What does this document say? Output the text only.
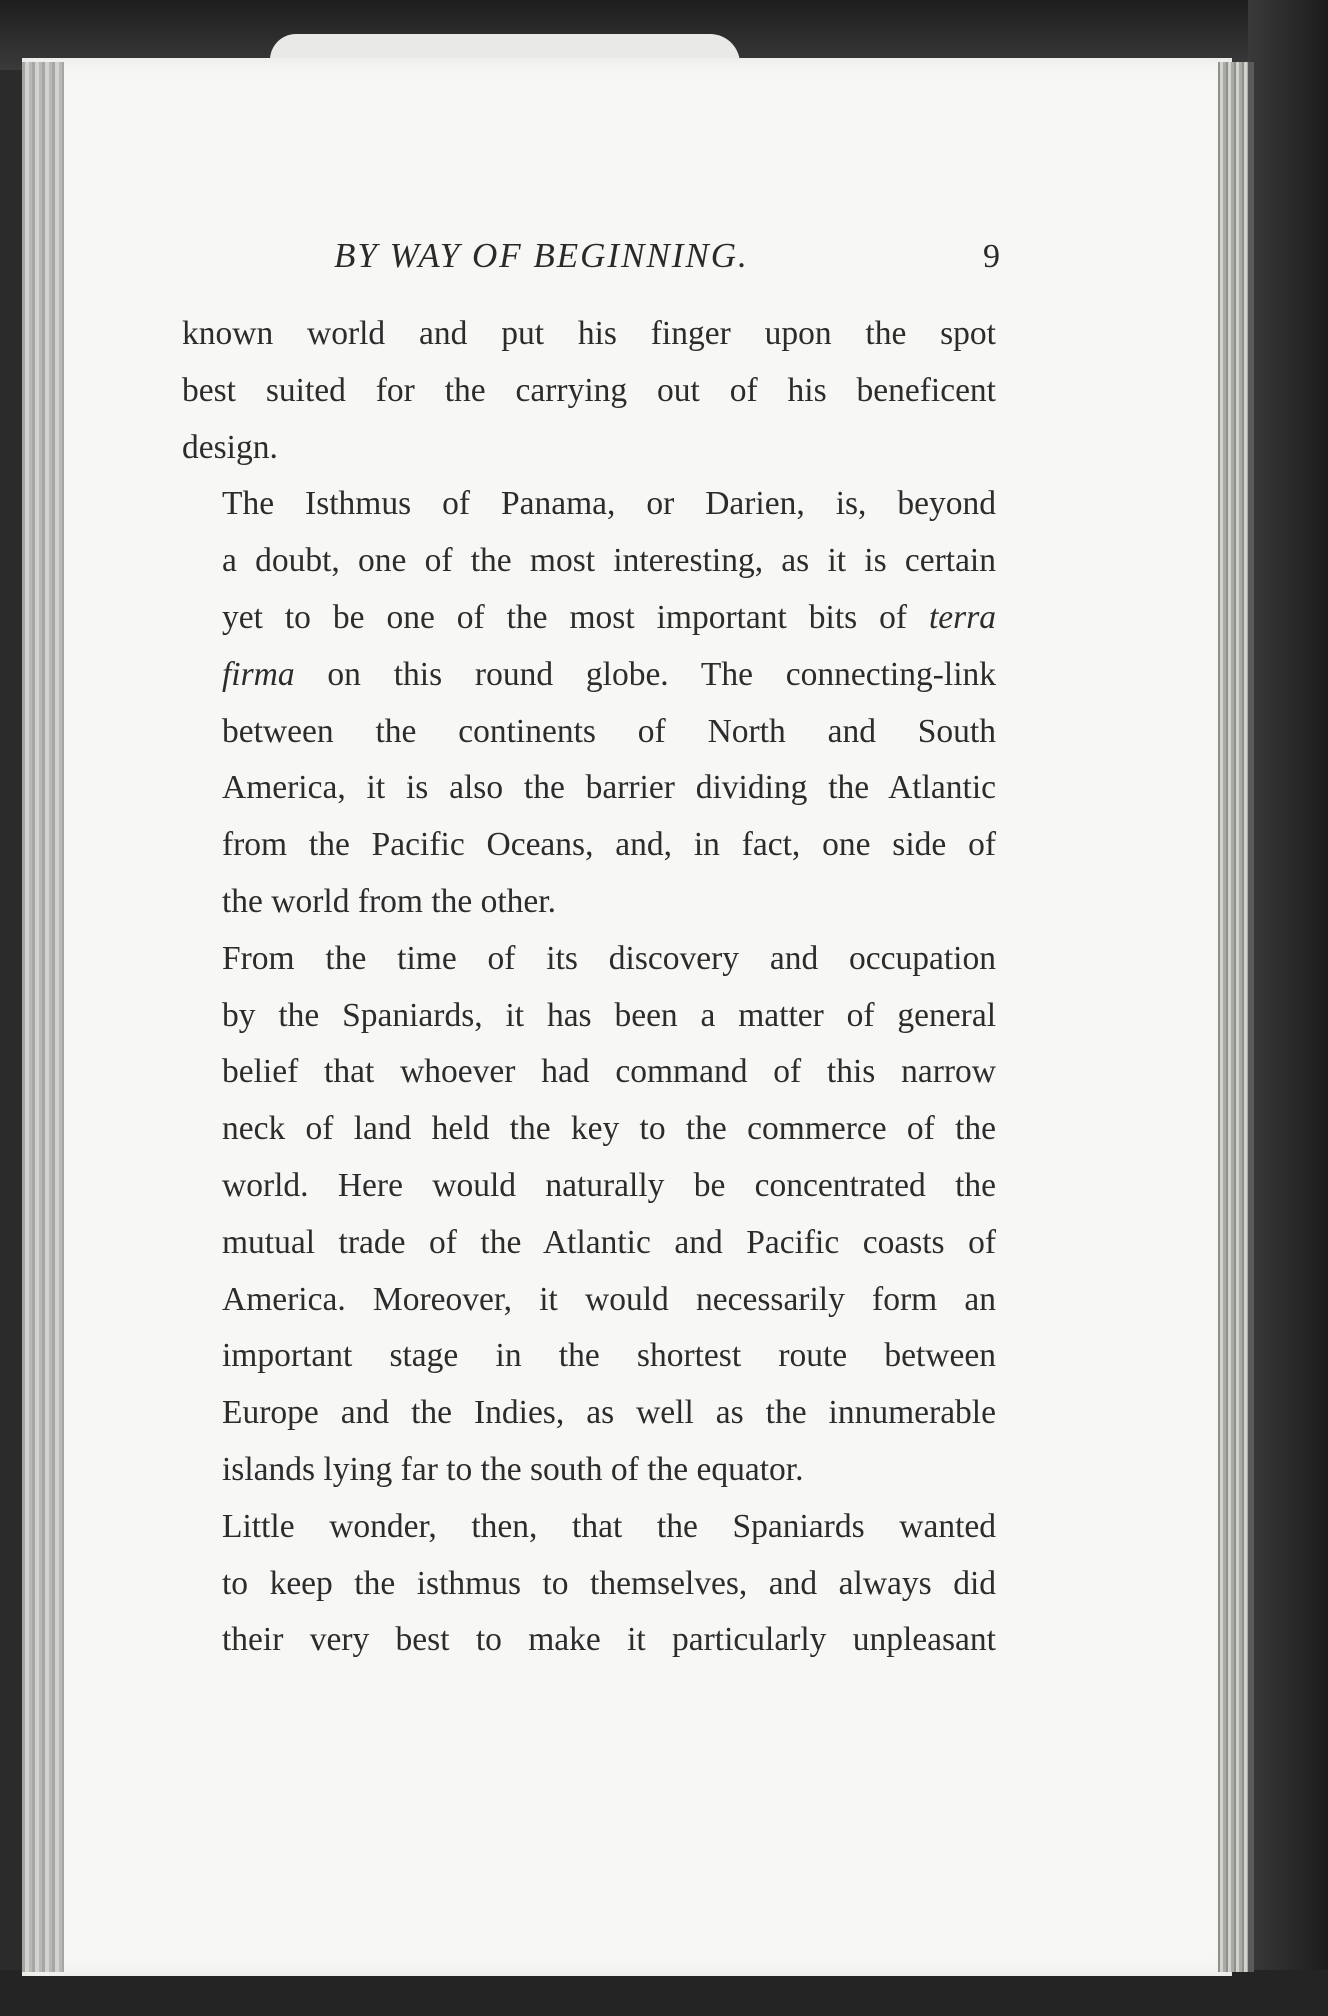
BY WAY OF BEGINNING.	9

known world and put his finger upon the spot
best suited for the carrying out of his beneficent
design.

The Isthmus of Panama, or Darien, is, beyond
a doubt, one of the most interesting, as it is certain
yet to be one of the most important bits of terra
firma on this round globe. The connecting-link
between the continents of North and South
America, it is also the barrier dividing the Atlantic
from the Pacific Oceans, and, in fact, one side of
the world from the other.

From the time of its discovery and occupation
by the Spaniards, it has been a matter of general
belief that whoever had command of this narrow
neck of land held the key to the commerce of the
world. Here would naturally be concentrated the
mutual trade of the Atlantic and Pacific coasts of
America. Moreover, it would necessarily form an
important stage in the shortest route between
Europe and the Indies, as well as the innumerable
islands lying far to the south of the equator.

Little wonder, then, that the Spaniards wanted
to keep the isthmus to themselves, and always did
their very best to make it particularly unpleasant
